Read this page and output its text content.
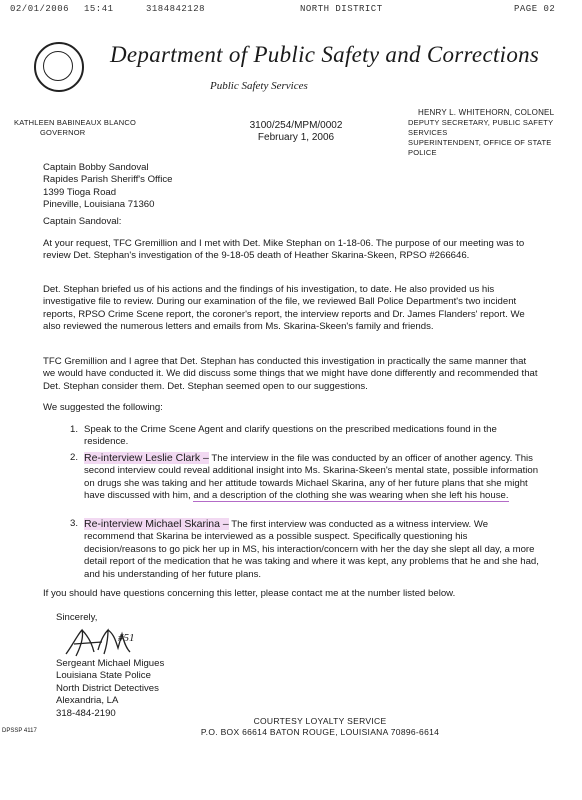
02/01/2006 15:41	3184842128	NORTH DISTRICT	PAGE 02
Department of Public Safety and Corrections
Public Safety Services
KATHLEEN BABINEAUX BLANCO
GOVERNOR
3100/254/MPM/0002
February 1, 2006
HENRY L. WHITEHORN, COLONEL
DEPUTY SECRETARY, PUBLIC SAFETY SERVICES
SUPERINTENDENT, OFFICE OF STATE POLICE
Captain Bobby Sandoval
Rapides Parish Sheriff's Office
1399 Tioga Road
Pineville, Louisiana 71360
Captain Sandoval:
At your request, TFC Gremillion and I met with Det. Mike Stephan on 1-18-06. The purpose of our meeting was to review Det. Stephan's investigation of the 9-18-05 death of Heather Skarina-Skeen, RPSO #266646.
Det. Stephan briefed us of his actions and the findings of his investigation, to date. He also provided us his investigative file to review. During our examination of the file, we reviewed Ball Police Department's two incident reports, RPSO Crime Scene report, the coroner's report, the interview reports and Dr. James Flanders' report. We also reviewed the numerous letters and emails from Ms. Skarina-Skeen's family and friends.
TFC Gremillion and I agree that Det. Stephan has conducted this investigation in practically the same manner that we would have conducted it. We did discuss some things that we might have done differently and recommended that Det. Stephan consider them. Det. Stephan seemed open to our suggestions.
We suggested the following:
1. Speak to the Crime Scene Agent and clarify questions on the prescribed medications found in the residence.
2. Re-interview Leslie Clark – The interview in the file was conducted by an officer of another agency. This second interview could reveal additional insight into Ms. Skarina-Skeen's mental state, possible information on drugs she was taking and her attitude towards Michael Skarina, any of her future plans that she might have discussed with him, and a description of the clothing she was wearing when she left his house.
3. Re-interview Michael Skarina – The first interview was conducted as a witness interview. We recommend that Skarina be interviewed as a possible suspect. Specifically questioning his decision/reasons to go pick her up in MS, his interaction/concern with her the day she slept all day, a more detail report of the medication that he was taking and where it was kept, any problems that he and she had, and his understanding of her future plans.
If you should have questions concerning this letter, please contact me at the number listed below.
Sincerely,
#51
Sergeant Michael Migues
Louisiana State Police
North District Detectives
Alexandria, LA
318-484-2190
COURTESY LOYALTY SERVICE
P.O. BOX 66614 BATON ROUGE, LOUISIANA 70896-6614
DPSSP 4117
